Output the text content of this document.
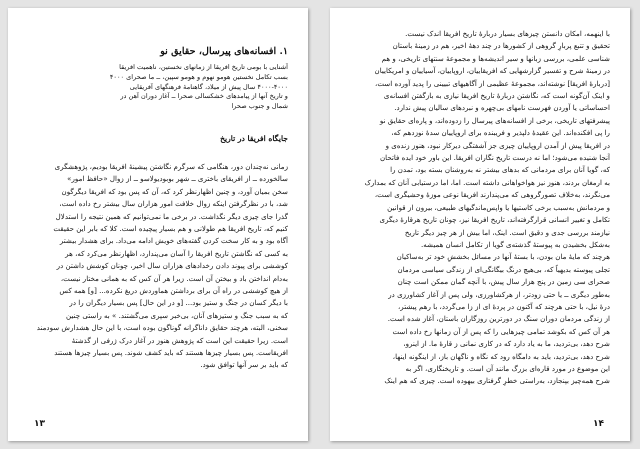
۱. افسانه‌های پیرسال، حقایق نو

آشنایی با بومی تاریخ افریقا از زمانهای نخستین، ناهمیت افریقا

بسب تکامل نخستین هومو نهوم و هومو سپین، ــ ما صحرای ۴۰۰۰

۴۰۰۰-۴۰۰۰ سال پیش از میلاد، گاهنامهٔ فرهنگهای آفریقایی

و تاریخ آنها از پیامدهای خشکسالی صحرا ــ آغاز دوران آهن در

شمال و جنوب صحرا

جایگاه افریقا در تاریخ

زمانی نه‌چندان دور، هنگامی که سرگرم نگاشتن پیشینهٔ افریقا بودیم، پژوهشگری

سالخورده ــ از افریقای باختری ــ شهر بوبودیولاسو ــ از زوال «حافظ امور»

سخن بمیان آورد، و چنین اظهارنظر کرد که، آن که پس بود که افریقا دیگرگون

شد، با در نظرگرفتن اینکه زوال خلافت امور هزاران سال بیشتر رخ داده است،

گذرا جای چیزی دیگر نگذاشت. در برخی ما نمی‌توانیم که همین نتیجه را استدلال

کنیم که، تاریخ افریقا هم طولانی و هم بسیار پیچیده است. کلا که بابر این حقیقت

آگاه بود و به کار سخت کردن گفته‌های خویش ادامه می‌داد. برای هشدار بیشتر

به کسی که نگاشتن تاریخ افریقا را آسان می‌پندارد، اظهارنظر می‌کرد که، هر

کوششی برای پیوند دادن رخدادهای هزاران سال اخیر، چونان کوشش داشتن در

به‌دام انداختن باد و بیختن آن است. زیرا هر آن کس که به همانی مختار نیست،

از هیچ کوششی در راه آن برای برداشتن هماوردش دریغ نکرده... [و] همه کس

با دیگر کسان در جنگ و ستیز بود... [و در این حال] پس بسیار دیگران را در

که به سبب جنگ و ستیزهای آنان، بی‌خبر سپری می‌گشتند. » به راستی چنین

سخنی، البته، هرچند حقایق داناگرانه گوناگون بوده است، با این حال هشدارش سودمند

است. زیرا حقیقت این است که پژوهش هنوز در آغاز درک ژرفی از گذشتهٔ

افریقاست. پس بسیار چیزها هستند که باید کشف شوند. پس بسیار چیزها هستند

که باید بر سر آنها توافق شود.

۱۳

با اینهمه، امکان دانستن چیزهای بسیار دربارهٔ تاریخ افریقا اندک نیست.

تحقیق و تتبع پربارِ گروهی از کشورها در چند دههٔ اخیر، هم در زمینهٔ باستان‌

شناسی علمی، بررسی زبانها و سیر اندیشه‌ها و مجموعهٔ سنتهای تاریخی، و هم

در زمینهٔ شرح و تفسیر گزارشهایی که افریقاییان، اروپاییان، آسیاییان و امریکاییان

[دربارهٔ افریقا] نوشته‌اند، مجموعهٔ عظیمی از آگاهیهای تبیینی را پدید آورده است،

و اینک آن‌گونه است که، نگاشتن دربارهٔ تاریخ افریقا نیازی به بازگفتن افسانه‌ی

احساساتی یا آوردن فهرست نامهای بی‌چهره و نبردهای سالیان پیش ندارد.

پیشرفتهای تاریخی، برخی از افسانه‌های پیرسال را زدوده‌اند، و پاره‌ای حقایق نو

را پی افکنده‌اند. این عقیدهٔ دلپذیر و فریبنده برای اروپاییان سدهٔ نوزدهم که،

در افریقا پیش از آمدن اروپاییان چیزی جز آشفتگی‌ دیرکار نبود، هنوز زنده‌ی و

آنجا شنیده می‌شود؛ اما نه درست تاریخ نگاران افریقا. این باور خود ایده فاتحان

که، گویا آنان برای مردمانی که بدهای بیشتر نه به‌روشنان بسته بود، تمدن را

به ارمغان بردند، هنوز نیز هواخواهانی داشته است. اما، اما درستیابی آنان که بمدارک

می‌نگرند، به‌خلاف تصورگروهی که می‌پندارند افریقا نوعی موزهٔ وحشیگری است،

و مردمانش به‌سبب برخی کاستیها یا واپس‌ماندگیهای طبیعی، بیرون از قوانین

تکامل و تغییر انسانی قرارگرفته‌اند، تاریخ افریقا نیز، چونان تاریخ هرقارهٔ دیگری

نیازمند بررسی جدی و دقیق است. اینک، اما بیش از هر چیز دیگر تاریخ

به‌شکل بخشیدن به پیوستهٔ گذشته‌ی گویا از تکامل انسان همیشه.

هرچند که مایهٔ مان بودن، با بستهٔ آنها در مسائل بخششِ خود تر به‌ساکیان

تجلی پیوسته بدیهیاً که، بی‌هیچ درنگ بیگانگی‌ای از زندگی سیاسی مردمان

صحرای سی زمین در پنج هزار سال پیش، با آنچه گمان ممکن است چنان

به‌طور دیگری ــ یا حتی زودتر، از هرکشاورزی، ولی پس از آغاز کشاورزی در

درهٔ نیل، با حتی هرچند که آکنون در پردهٔ ای از زا می‌گردد، با رهم پیشتر،

از زندگی مردمان دوران سنگ در دورترین روزگاران باستان، آغاز شده است.

هر آن کس که بکوشد تمامی چیزهایی را که پس از آن زمانها رخ داده است

شرح دهد، بی‌تردید، ما به یاد دارد که در کاری نمانی ز قارهٔ ما. از اینرو،

شرح دهد، بی‌تردید، باید به دامگاه رود که نگاه و ناگهان باز، از اینگونه اینها،

این موضوع در مورد قاره‌ای بزرگ مانند آن است. و تاریخنگاری، اگر به

شرح همه‌چیز بپنجازد، به‌راستی خطرِ گرفتاری بیهوده است. چیزی که هم اینک

۱۴
